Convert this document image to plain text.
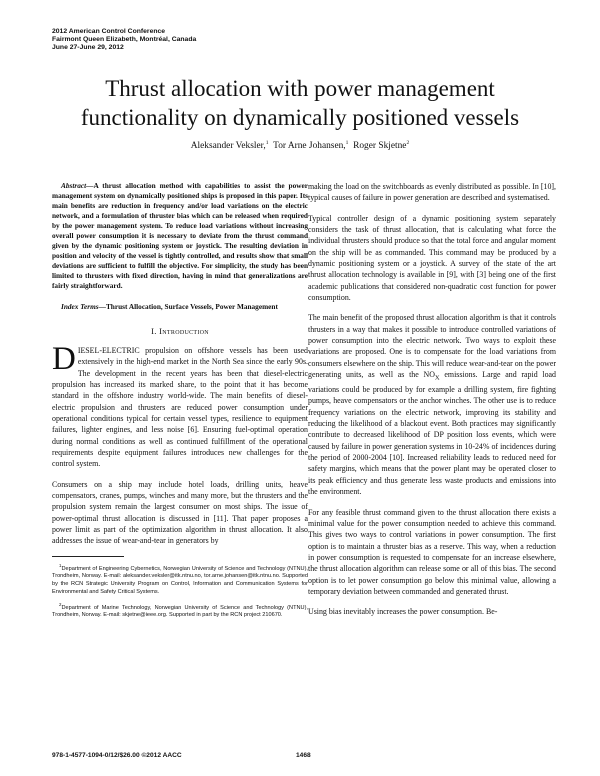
2012 American Control Conference
Fairmont Queen Elizabeth, Montréal, Canada
June 27-June 29, 2012
Thrust allocation with power management
functionality on dynamically positioned vessels
Aleksander Veksler,$^1$ Tor Arne Johansen,$^1$ Roger Skjetne$^2$

Abstract—A thrust allocation method with capabilities to assist the power management system on dynamically positioned ships is proposed in this paper. Its main benefits are reduction in frequency and/or load variations on the electric network, and a formulation of thruster bias which can be released when required by the power management system. To reduce load variations without increasing overall power consumption it is necessary to deviate from the thrust command given by the dynamic positioning system or joystick. The resulting deviation in position and velocity of the vessel is tightly controlled, and results show that small deviations are sufficient to fulfill the objective. For simplicity, the study has been limited to thrusters with fixed direction, having in mind that generalizations are fairly straightforward.

Index Terms—Thrust Allocation, Surface Vessels, Power Management

I. Introduction

DIESEL-ELECTRIC propulsion on offshore vessels has been used extensively in the high-end market in the North Sea since the early 90s. The development in the recent years has been that diesel-electric propulsion has increased its marked share, to the point that it has become standard in the offshore industry world-wide. The main benefits of diesel-electric propulsion and thrusters are reduced power consumption under operational conditions typical for certain vessel types, resilience to equipment failures, lighter engines, and less noise [6]. Ensuring fuel-optimal operation during normal conditions as well as continued fulfillment of the operational requirements despite equipment failures introduces new challenges for the control system.

Consumers on a ship may include hotel loads, drilling units, heave compensators, cranes, pumps, winches and many more, but the thrusters and the propulsion system remain the largest consumer on most ships. The issue of power-optimal thrust allocation is discussed in [11]. That paper proposes a power limit as part of the optimization algorithm in thrust allocation. It also addresses the issue of wear-and-tear in generators by

$^1$Department of Engineering Cybernetics, Norwegian University of Science and Technology (NTNU), Trondheim, Norway. E-mail: aleksander.veksler@itk.ntnu.no, tor.arne.johansen@itk.ntnu.no. Supported by the RCN Strategic University Program on Control, Information and Communication Systems for Environmental and Safety Critical Systems.

$^2$Department of Marine Technology, Norwegian University of Science and Technology (NTNU), Trondheim, Norway. E-mail: skjetne@ieee.org. Supported in part by the RCN project 210670.

making the load on the switchboards as evenly distributed as possible. In [10], typical causes of failure in power generation are described and systematised.

Typical controller design of a dynamic positioning system separately considers the task of thrust allocation, that is calculating what force the individual thrusters should produce so that the total force and angular moment on the ship will be as commanded. This command may be produced by a dynamic positioning system or a joystick. A survey of the state of the art thrust allocation technology is available in [9], with [3] being one of the first academic publications that considered non-quadratic cost function for power consumption.

The main benefit of the proposed thrust allocation algorithm is that it controls thrusters in a way that makes it possible to introduce controlled variations of power consumption into the electric network. Two ways to exploit these variations are proposed. One is to compensate for the load variations from consumers elsewhere on the ship. This will reduce wear-and-tear on the power generating units, as well as the $NO_X$ emissions. Large and rapid load variations could be produced by for example a drilling system, fire fighting pumps, heave compensators or the anchor winches. The other use is to reduce frequency variations on the electric network, improving its stability and reducing the likelihood of a blackout event. Both practices may significantly contribute to decreased likelihood of DP position loss events, which were caused by failure in power generation systems in 10-24% of incidences during the period of 2000-2004 [10]. Increased reliability leads to reduced need for safety margins, which means that the power plant may be operated closer to its peak efficiency and thus generate less waste products and emissions into the environment.

For any feasible thrust command given to the thrust allocation there exists a minimal value for the power consumption needed to achieve this command. This gives two ways to control variations in power consumption. The first option is to maintain a thruster bias as a reserve. This way, when a reduction in power consumption is requested to compensate for an increase elsewhere, the thrust allocation algorithm can release some or all of this bias. The second option is to let power consumption go below this minimal value, allowing a temporary deviation between commanded and generated thrust.

Using bias inevitably increases the power consumption. Be-

978-1-4577-1094-0/12/$26.00 ©2012 AACC	1468
